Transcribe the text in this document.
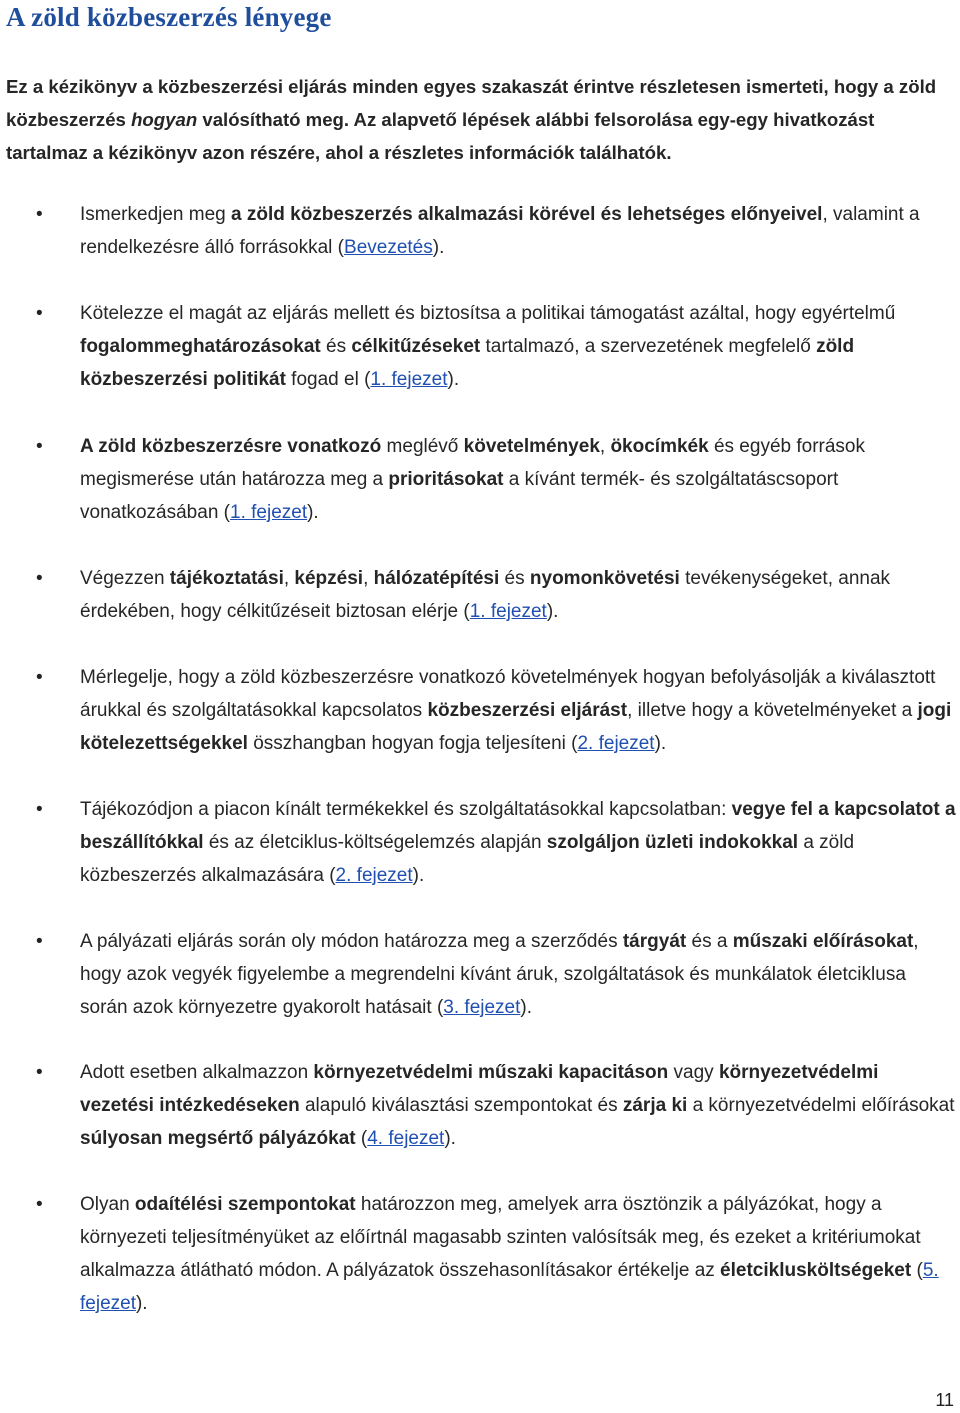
A zöld közbeszerzés lényege

Ez a kézikönyv a közbeszerzési eljárás minden egyes szakaszát érintve részletesen ismerteti, hogy a zöld közbeszerzés hogyan valósítható meg. Az alapvető lépések alábbi felsorolása egy-egy hivatkozást tartalmaz a kézikönyv azon részére, ahol a részletes információk találhatók.

• Ismerkedjen meg a zöld közbeszerzés alkalmazási körével és lehetséges előnyeivel, valamint a rendelkezésre álló forrásokkal (Bevezetés).
• Kötelezze el magát az eljárás mellett és biztosítsa a politikai támogatást azáltal, hogy egyértelmű fogalommeghatározásokat és célkitűzéseket tartalmazó, a szervezetének megfelelő zöld közbeszerzési politikát fogad el (1. fejezet).
• A zöld közbeszerzésre vonatkozó meglévő követelmények, ökocímkék és egyéb források megismerése után határozza meg a prioritásokat a kívánt termék- és szolgáltatáscsoport vonatkozásában (1. fejezet).
• Végezzen tájékoztatási, képzési, hálózatépítési és nyomonkövetési tevékenységeket, annak érdekében, hogy célkitűzéseit biztosan elérje (1. fejezet).
• Mérlegelje, hogy a zöld közbeszerzésre vonatkozó követelmények hogyan befolyásolják a kiválasztott árukkal és szolgáltatásokkal kapcsolatos közbeszerzési eljárást, illetve hogy a követelményeket a jogi kötelezettségekkel összhangban hogyan fogja teljesíteni (2. fejezet).
• Tájékozódjon a piacon kínált termékekkel és szolgáltatásokkal kapcsolatban: vegye fel a kapcsolatot a beszállítókkal és az életciklus-költségelemzés alapján szolgáljon üzleti indokokkal a zöld közbeszerzés alkalmazására (2. fejezet).
• A pályázati eljárás során oly módon határozza meg a szerződés tárgyát és a műszaki előírásokat, hogy azok vegyék figyelembe a megrendelni kívánt áruk, szolgáltatások és munkálatok életciklusa során azok környezetre gyakorolt hatásait (3. fejezet).
• Adott esetben alkalmazzon környezetvédelmi műszaki kapacitáson vagy környezetvédelmi vezetési intézkedéseken alapuló kiválasztási szempontokat és zárja ki a környezetvédelmi előírásokat súlyosan megsértő pályázókat (4. fejezet).
• Olyan odaítélési szempontokat határozzon meg, amelyek arra ösztönzik a pályázókat, hogy a környezeti teljesítményüket az előírtnál magasabb szinten valósítsák meg, és ezeket a kritériumokat alkalmazza átlátható módon. A pályázatok összehasonlításakor értékelje az életciklusköltségeket (5. fejezet).
11
